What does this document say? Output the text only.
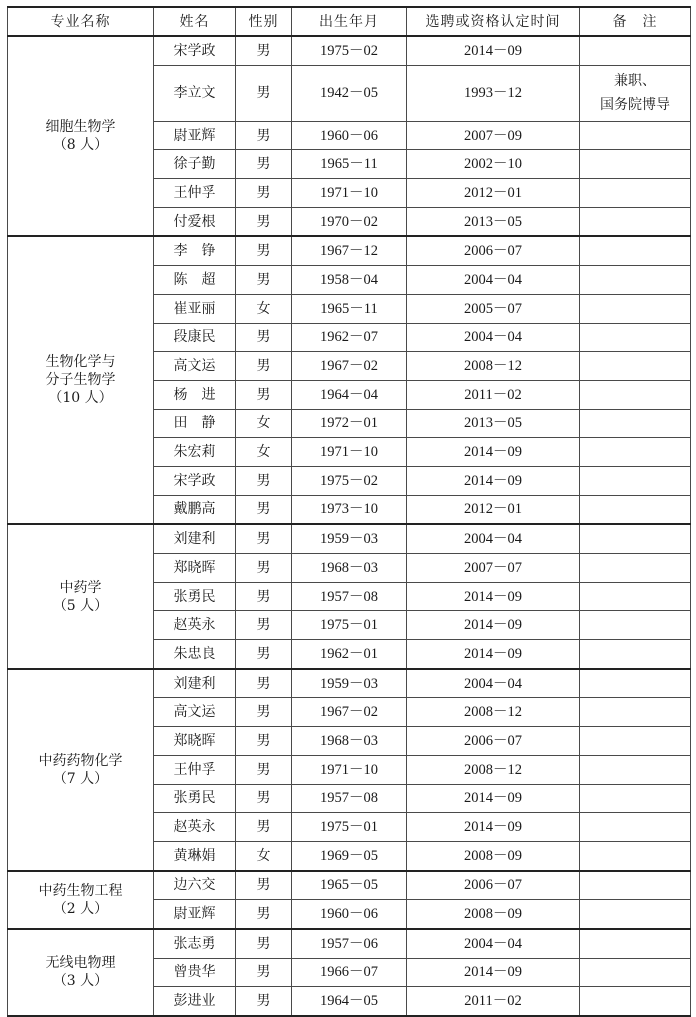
专业名称	姓名	性别	出生年月	选聘或资格认定时间	备　注

细胞生物学
（8 人）	宋学政	男	1975－02	2014－09	
	李立文	男	1942－05	1993－12	兼职、
国务院博导

	尉亚辉	男	1960－06	2007－09	
	徐子勤	男	1965－11	2002－10	
	王仲孚	男	1971－10	2012－01	
	付爱根	男	1970－02	2013－05	

生物化学与
分子生物学
（10 人）	李　铮	男	1967－12	2006－07	
	陈　超	男	1958－04	2004－04	
	崔亚丽	女	1965－11	2005－07	
	段康民	男	1962－07	2004－04	
	高文运	男	1967－02	2008－12	
	杨　进	男	1964－04	2011－02	
	田　静	女	1972－01	2013－05	
	朱宏莉	女	1971－10	2014－09	
	宋学政	男	1975－02	2014－09	
	戴鹏高	男	1973－10	2012－01	

中药学
（5 人）	刘建利	男	1959－03	2004－04	
	郑晓晖	男	1968－03	2007－07	
	张勇民	男	1957－08	2014－09	
	赵英永	男	1975－01	2014－09	
	朱忠良	男	1962－01	2014－09	

中药药物化学
（7 人）	刘建利	男	1959－03	2004－04	
	高文运	男	1967－02	2008－12	
	郑晓晖	男	1968－03	2006－07	
	王仲孚	男	1971－10	2008－12	
	张勇民	男	1957－08	2014－09	
	赵英永	男	1975－01	2014－09	
	黄琳娟	女	1969－05	2008－09	

中药生物工程
（2 人）	边六交	男	1965－05	2006－07	
	尉亚辉	男	1960－06	2008－09	

无线电物理
（3 人）	张志勇	男	1957－06	2004－04	
	曾贵华	男	1966－07	2014－09	
	彭进业	男	1964－05	2011－02	
